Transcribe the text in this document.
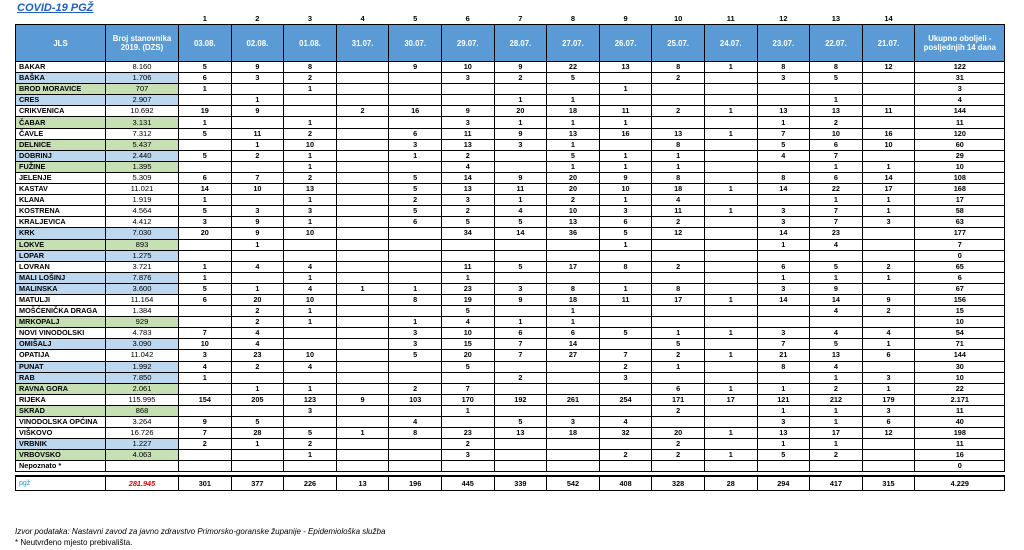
COVID-19 PGŽ
		1	2	3	4	5	6	7	8	9	10	11	12	13	14	
JLS	Broj stanovnika 2019. (DZS)	03.08.	02.08.	01.08.	31.07.	30.07.	29.07.	28.07.	27.07.	26.07.	25.07.	24.07.	23.07.	22.07.	21.07.	Ukupno oboljeli - posljednjih 14 dana
BAKAR	8.160	5	9	8		9	10	9	22	13	8	1	8	8	12	122
BAŠKA	1.706	6	3	2			3	2	5		2		3	5		31
BROD MORAVICE	707	1		1						1						3
CRES	2.907		1					1	1					1		4
CRIKVENICA	10.692	19	9		2	16	9	20	18	11	2	1	13	13	11	144
ČABAR	3.131	1		1			3	1	1	1			1	2		11
ČAVLE	7.312	5	11	2		6	11	9	13	16	13	1	7	10	16	120
DELNICE	5.437		1	10		3	13	3	1		8		5	6	10	60
DOBRINJ	2.440	5	2	1		1	2		5	1	1		4	7		29
FUŽINE	1.395			1			4		1	1	1			1	1	10
JELENJE	5.309	6	7	2		5	14	9	20	9	8		8	6	14	108
KASTAV	11.021	14	10	13		5	13	11	20	10	18	1	14	22	17	168
KLANA	1.919	1		1		2	3	1	2	1	4			1	1	17
KOSTRENA	4.564	5	3	3		5	2	4	10	3	11	1	3	7	1	58
KRALJEVICA	4.412	3	9	1		6	5	5	13	6	2		3	7	3	63
KRK	7.030	20	9	10			34	14	36	5	12		14	23		177
LOKVE	893		1							1			1	4		7
LOPAR	1.275															0
LOVRAN	3.721	1	4	4			11	5	17	8	2		6	5	2	65
MALI LOŠINJ	7.876	1		1			1						1	1	1	6
MALINSKA	3.600	5	1	4	1	1	23	3	8	1	8		3	9		67
MATULJI	11.164	6	20	10		8	19	9	18	11	17	1	14	14	9	156
MOŠĆENIČKA DRAGA	1.384		2	1			5		1					4	2	15
MRKOPALJ	929		2	1		1	4	1	1							10
NOVI VINODOLSKI	4.783	7	4			3	10	6	6	5	1	1	3	4	4	54
OMIŠALJ	3.090	10	4			3	15	7	14		5		7	5	1	71
OPATIJA	11.042	3	23	10		5	20	7	27	7	2	1	21	13	6	144
PUNAT	1.992	4	2	4			5			2	1		8	4		30
RAB	7.850	1						2		3				1	3	10
RAVNA GORA	2.061		1	1		2	7				6	1	1	2	1	22
RIJEKA	115.995	154	205	123	9	103	170	192	261	254	171	17	121	212	179	2.171
SKRAD	868			3			1				2		1	1	3	11
VINODOLSKA OPĆINA	3.264	9	5			4		5	3	4			3	1	6	40
VIŠKOVO	16.726	7	28	5	1	8	23	13	18	32	20	1	13	17	12	198
VRBNIK	1.227	2	1	2			2				2		1	1		11
VRBOVSKO	4.063			1			3			2	2	1	5	2		16
Nepoznato *																0

pgž	281.945	301	377	226	13	196	445	339	542	408	328	28	294	417	315	4.229
Izvor podataka: Nastavni zavod za javno zdravstvo Primorsko-goranske županije - Epidemiološka služba
* Neutvrđeno mjesto prebivališta.
